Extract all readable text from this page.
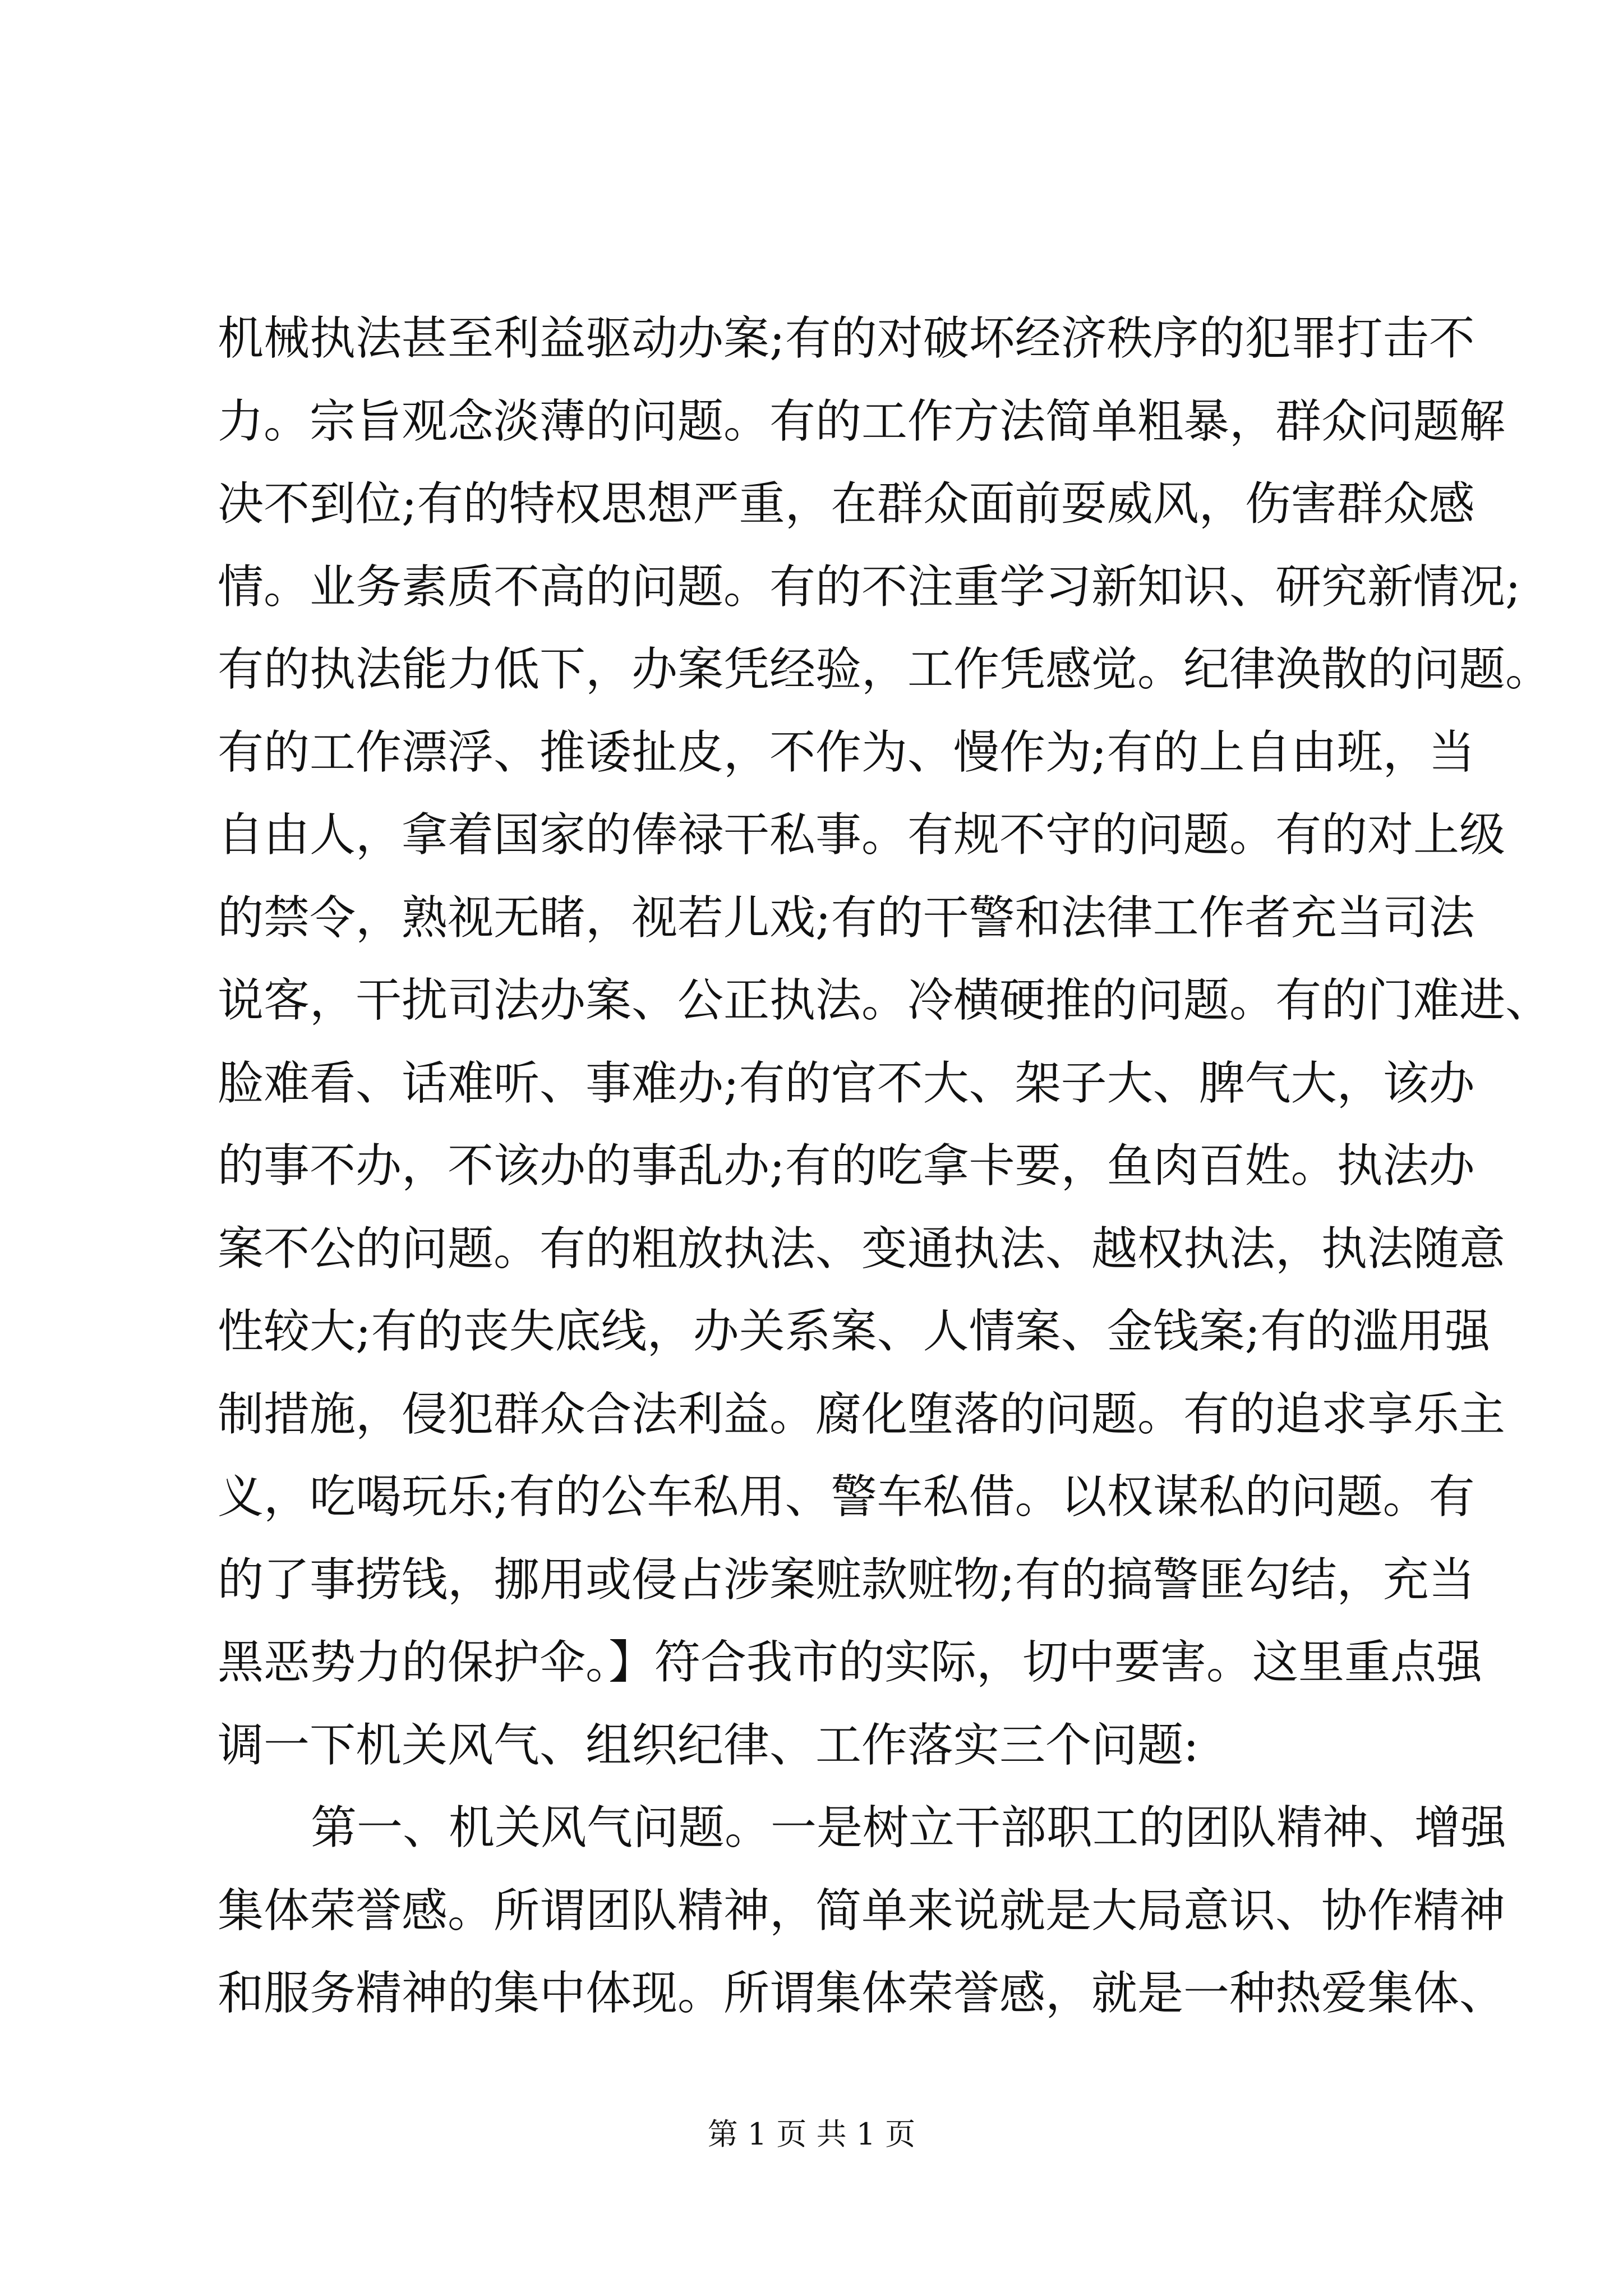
机械执法甚至利益驱动办案;有的对破坏经济秩序的犯罪打击不
力。宗旨观念淡薄的问题。有的工作方法简单粗暴，群众问题解
决不到位;有的特权思想严重，在群众面前耍威风，伤害群众感
情。业务素质不高的问题。有的不注重学习新知识、研究新情况;
有的执法能力低下，办案凭经验，工作凭感觉。纪律涣散的问题。
有的工作漂浮、推诿扯皮，不作为、慢作为;有的上自由班，当
自由人，拿着国家的俸禄干私事。有规不守的问题。有的对上级
的禁令，熟视无睹，视若儿戏;有的干警和法律工作者充当司法
说客，干扰司法办案、公正执法。冷横硬推的问题。有的门难进、
脸难看、话难听、事难办;有的官不大、架子大、脾气大，该办
的事不办，不该办的事乱办;有的吃拿卡要，鱼肉百姓。执法办
案不公的问题。有的粗放执法、变通执法、越权执法，执法随意
性较大;有的丧失底线，办关系案、人情案、金钱案;有的滥用强
制措施，侵犯群众合法利益。腐化堕落的问题。有的追求享乐主
义，吃喝玩乐;有的公车私用、警车私借。以权谋私的问题。有
的了事捞钱，挪用或侵占涉案赃款赃物;有的搞警匪勾结，充当
黑恶势力的保护伞。】符合我市的实际，切中要害。这里重点强
调一下机关风气、组织纪律、工作落实三个问题:
第一、机关风气问题。一是树立干部职工的团队精神、增强
集体荣誉感。所谓团队精神，简单来说就是大局意识、协作精神
和服务精神的集中体现。所谓集体荣誉感，就是一种热爱集体、
第 1 页 共 1 页
